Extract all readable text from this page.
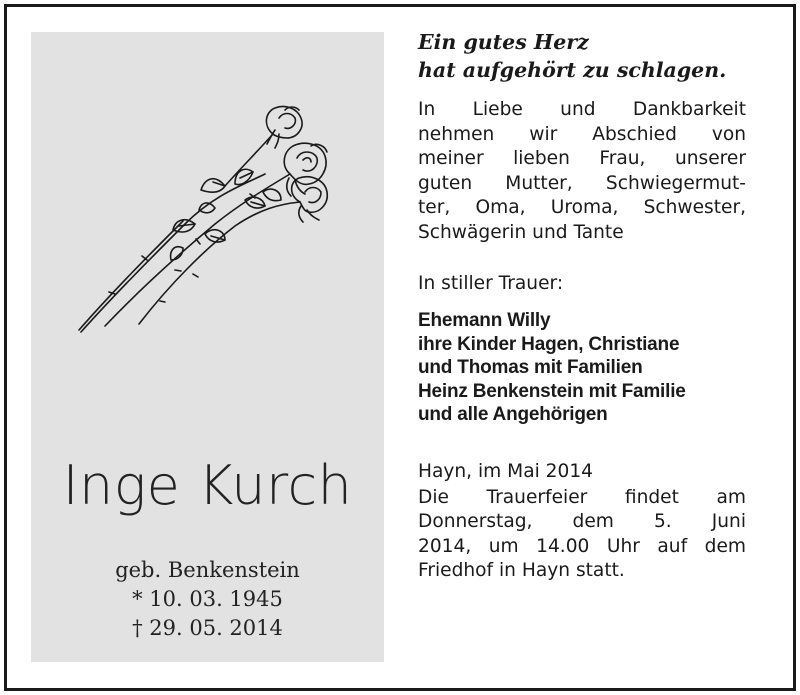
Inge Kurch
geb. Benkenstein
* 10. 03. 1945
† 29. 05. 2014
Ein gutes Herz
hat aufgehört zu schlagen.
In Liebe und Dankbarkeit
nehmen wir Abschied von
meiner lieben Frau, unserer
guten Mutter, Schwiegermut-
ter, Oma, Uroma, Schwester,
Schwägerin und Tante
In stiller Trauer:
Ehemann Willy
ihre Kinder Hagen, Christiane
und Thomas mit Familien
Heinz Benkenstein mit Familie
und alle Angehörigen
Hayn, im Mai 2014
Die Trauerfeier findet am
Donnerstag, dem 5. Juni
2014, um 14.00 Uhr auf dem
Friedhof in Hayn statt.
